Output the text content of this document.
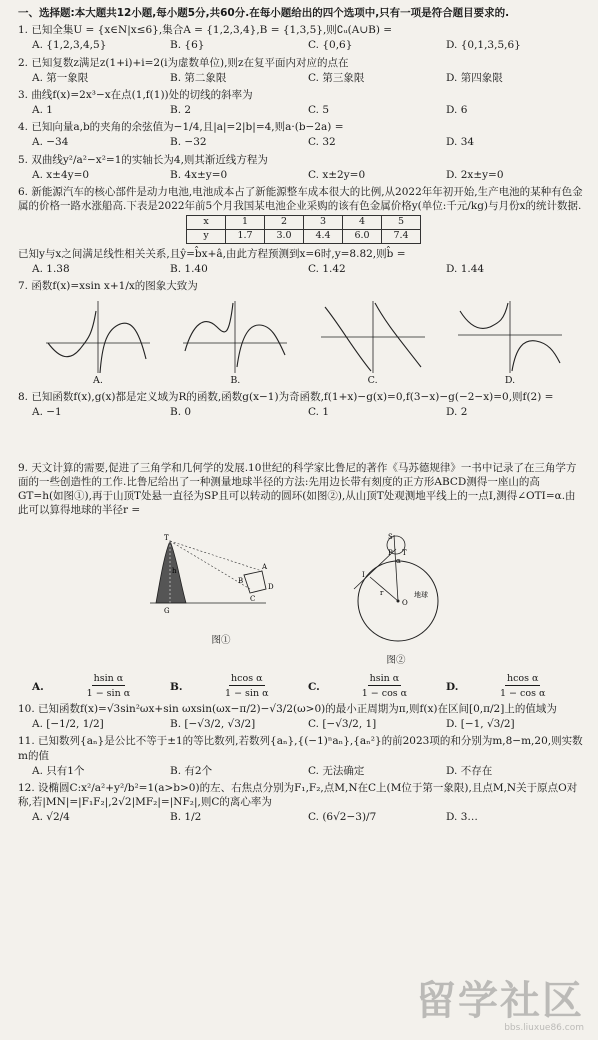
一、选择题:本大题共12小题,每小题5分,共60分.在每小题给出的四个选项中,只有一项是符合题目要求的.
1. 已知全集U = {x∈N|x≤6},集合A = {1,2,3,4},B = {1,3,5},则∁ᵤ(A∪B) =
A. {1,2,3,4,5}	B. {6}	C. {0,6}	D. {0,1,3,5,6}
2. 已知复数z满足z(1+i)+i=2(i为虚数单位),则z在复平面内对应的点在
A. 第一象限	B. 第二象限	C. 第三象限	D. 第四象限
3. 曲线f(x)=2x³−x在点(1,f(1))处的切线的斜率为
A. 1	B. 2	C. 5	D. 6
4. 已知向量a,b的夹角的余弦值为−1/4,且|a|=2|b|=4,则a·(b−2a) =
A. −34	B. −32	C. 32	D. 34
5. 双曲线y²/a²−x²=1的实轴长为4,则其渐近线方程为
A. x±4y=0	B. 4x±y=0	C. x±2y=0	D. 2x±y=0
6. 新能源汽车的核心部件是动力电池,电池成本占了新能源整车成本很大的比例,从2022年年初开始,生产电池的某种有色金属的价格一路水涨船高.下表是2022年前5个月我国某电池企业采购的该有色金属价格y(单位:千元/kg)与月份x的统计数据.
x	1	2	3	4	5
y	1.7	3.0	4.4	6.0	7.4
已知y与x之间满足线性相关关系,且ŷ=b̂x+â,由此方程预测到x=6时,y=8.82,则b̂ =
A. 1.38	B. 1.40	C. 1.42	D. 1.44
7. 函数f(x)=xsin x+1/x的图象大致为
A.	B.	C.	D.
8. 已知函数f(x),g(x)都是定义域为R的函数,函数g(x−1)为奇函数,f(1+x)−g(x)=0,f(3−x)−g(−2−x)=0,则f(2) =
A. −1	B. 0	C. 1	D. 2
9. 天文计算的需要,促进了三角学和几何学的发展.10世纪的科学家比鲁尼的著作《马苏德规律》一书中记录了在三角学方面的一些创造性的工作.比鲁尼给出了一种测量地球半径的方法:先用边长带有刻度的正方形ABCD测得一座山的高GT=h(如图①),再于山顶T处悬一直径为SP且可以转动的圆环(如图②),从山顶T处观测地平线上的一点I,测得∠OTI=α.由此可以算得地球的半径r =
T
h
G
A
B
C
D
图①
S
P T
α
I
r
O
地球
图②
A. $\frac{\text{hsin α}}{\text{1 − sin α}} B$. $\frac{\text{hcos α}}{\text{1 − sin α}} C$. $\frac{\text{hsin α}}{\text{1 − cos α}} D$. $\frac{\text{hcos α}}{\text{1 − cos α}}$
10. 已知函数f(x)=√3sin²ωx+sin ωxsin(ωx−π/2)−√3/2(ω>0)的最小正周期为π,则f(x)在区间[0,π/2]上的值域为
A. [−1/2, 1/2]	B. [−√3/2, √3/2]	C. [−√3/2, 1]	D. [−1, √3/2]
11. 已知数列{aₙ}是公比不等于±1的等比数列,若数列{aₙ},{(−1)ⁿaₙ},{aₙ²}的前2023项的和分别为m,8−m,20,则实数m的值
A. 只有1个	B. 有2个	C. 无法确定	D. 不存在
12. 设椭圆C:x²/a²+y²/b²=1(a>b>0)的左、右焦点分别为F₁,F₂,点M,N在C上(M位于第一象限),且点M,N关于原点O对称,若|MN|=|F₁F₂|,2√2|MF₂|=|NF₂|,则C的离心率为
A. √2/4	B. 1/2	C. (6√2−3)/7	D. 3…
留学社区
bbs.liuxue86.com
